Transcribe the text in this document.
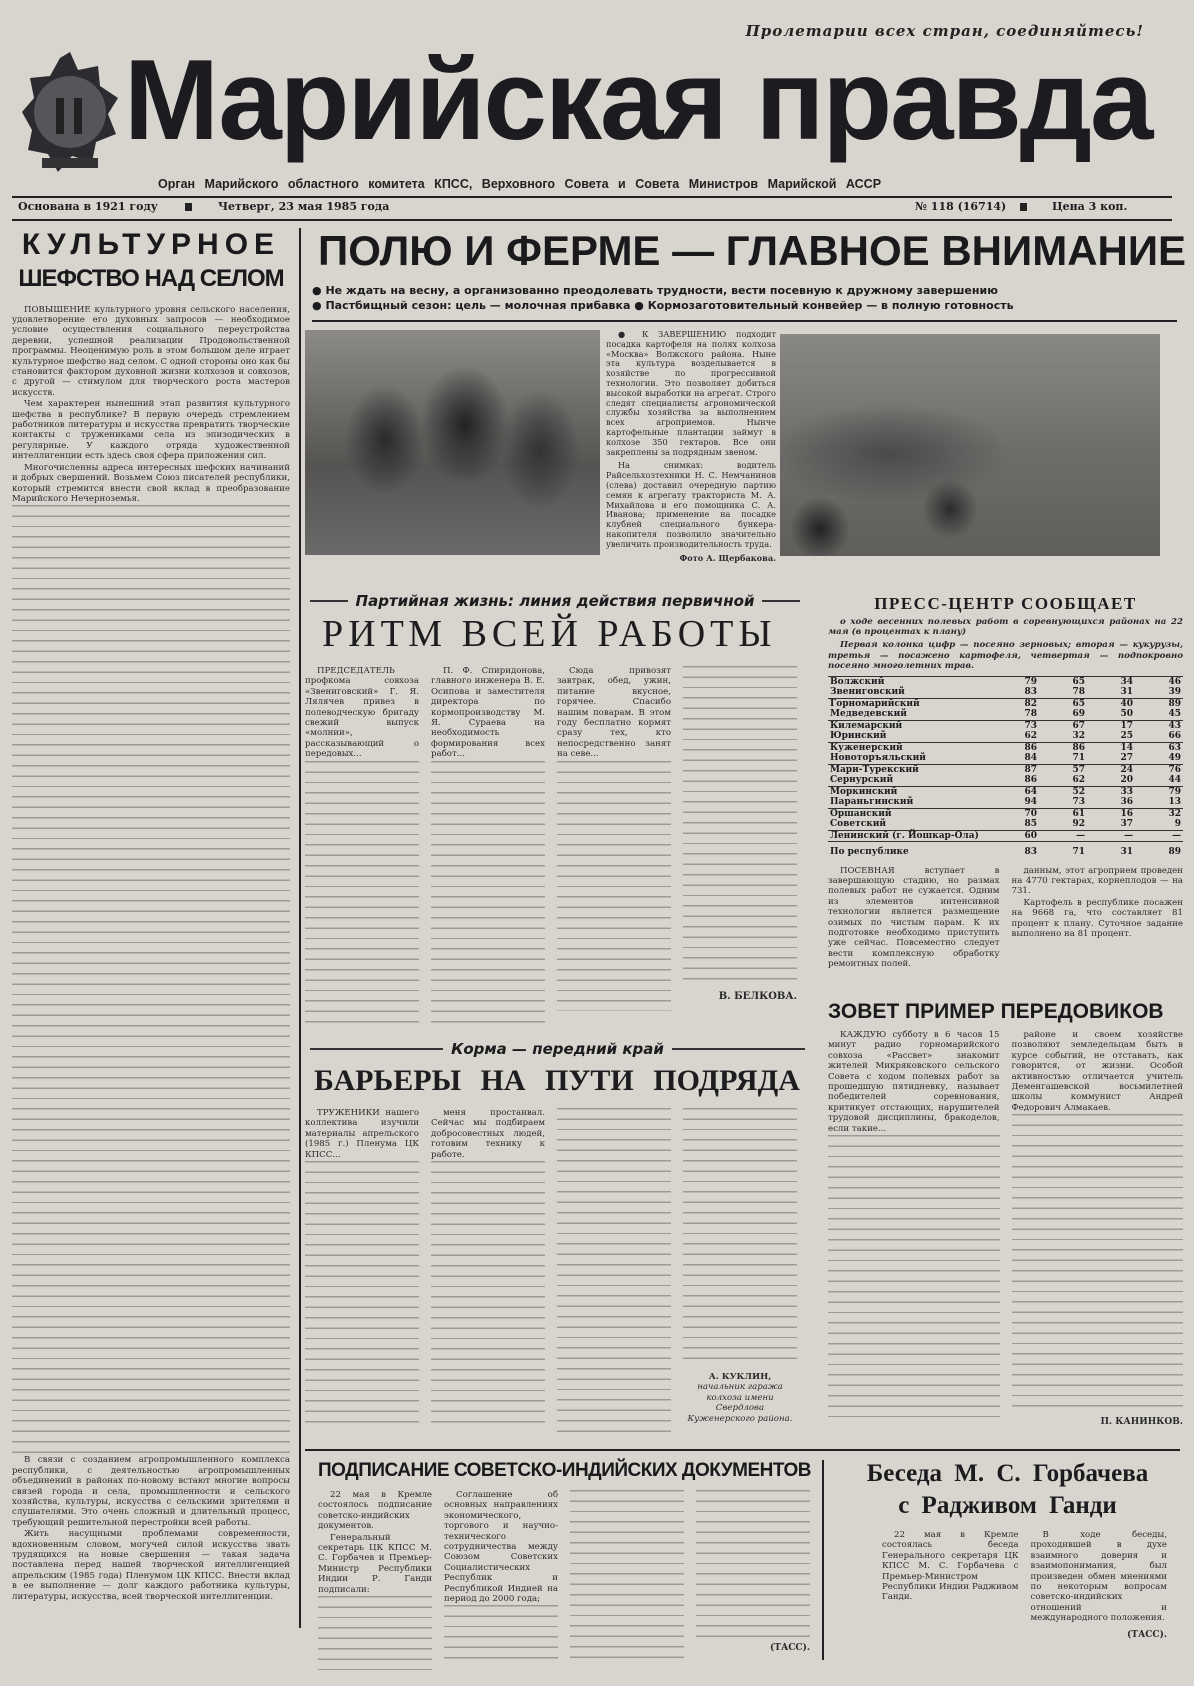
Пролетарии всех стран, соединяйтесь!
Марийская правда
Орган Марийского областного комитета КПСС, Верховного Совета и Совета Министров Марийской АССР
Основана в 1921 году	Четверг, 23 мая 1985 года	№ 118 (16714)	Цена 3 коп.
КУЛЬТУРНОЕ
ШЕФСТВО НАД СЕЛОМ

ПОВЫШЕНИЕ культурного уровня сельского населения, удовлетворение его духовных запросов — необходимое условие осуществления социального переустройства деревни, успешной реализации Продовольственной программы. Неоценимую роль в этом большом деле играет культурное шефство над селом. С одной стороны оно как бы становится фактором духовной жизни колхозов и совхозов, с другой — стимулом для творческого роста мастеров искусств.

Чем характерен нынешний этап развития культурного шефства в республике? В первую очередь стремлением работников литературы и искусства превратить творческие контакты с тружениками села из эпизодических в регулярные. У каждого отряда художественной интеллигенции есть здесь своя сфера приложения сил.

Многочисленны адреса интересных шефских начинаний и добрых свершений. Возьмем Союз писателей республики, который стремится внести свой вклад в преобразование Марийского Нечерноземья.

В связи с созданием агропромышленного комплекса республики, с деятельностью агропромышленных объединений в районах по-новому встают многие вопросы связей города и села, промышленности и сельского хозяйства, культуры, искусства с сельскими зрителями и слушателями. Это очень сложный и длительный процесс, требующий решительной перестройки всей работы.

Жить насущными проблемами современности, вдохновенным словом, могучей силой искусства звать трудящихся на новые свершения — такая задача поставлена перед нашей творческой интеллигенцией апрельским (1985 года) Пленумом ЦК КПСС. Внести вклад в ее выполнение — долг каждого работника культуры, литературы, искусства, всей творческой интеллигенции.

ПОЛЮ И ФЕРМЕ — ГЛАВНОЕ ВНИМАНИЕ
● Не ждать на весну, а организованно преодолевать трудности, вести посевную к дружному завершению
● Пастбищный сезон: цель — молочная прибавка ● Кормозаготовительный конвейер — в полную готовность

● К ЗАВЕРШЕНИЮ подходит посадка картофеля на полях колхоза «Москва» Волжского района. Ныне эта культура возделывается в хозяйстве по прогрессивной технологии. Это позволяет добиться высокой выработки на агрегат. Строго следят специалисты агрономической службы хозяйства за выполнением всех агроприемов. Нынче картофельные плантации займут в колхозе 350 гектаров. Все они закреплены за подрядным звеном.

На снимках: водитель Райсельхозтехники Н. С. Немчанинов (слева) доставил очередную партию семян к агрегату тракториста М. А. Михайлова и его помощника С. А. Иванова; применение на посадке клубней специального бункера-накопителя позволило значительно увеличить производительность труда.

Фото А. Щербакова.
Партийная жизнь: линия действия первичной
РИТМ ВСЕЙ РАБОТЫ

ПРЕДСЕДАТЕЛЬ профкома совхоза «Звениговский» Г. Я. Лялячев привез в полеводческую бригаду свежий выпуск «молнии», рассказывающий о передовых...

П. Ф. Спиридонова, главного инженера В. Е. Осипова и заместителя директора по кормопроизводству М. Я. Сураева на необходимость формирования всех работ...

Сюда привозят завтрак, обед, ужин, питание вкусное, горячее. Спасибо нашим поварам. В этом году бесплатно кормят сразу тех, кто непосредственно занят на севе...

В. БЕЛКОВА.
ПРЕСС-ЦЕНТР СООБЩАЕТ

о ходе весенних полевых работ в соревнующихся районах на 22 мая (в процентах к плану)

Первая колонка цифр — посеяно зерновых; вторая — кукурузы, третья — посажено картофеля, четвертая — подпокровно посеяно многолетних трав.

Волжский	79	65	34	46
Звениговский	83	78	31	39
Горномарийский	82	65	40	89
Медведевский	78	69	50	45
Килемарский	73	67	17	43
Юринский	62	32	25	66
Куженерский	86	86	14	63
Новоторъяльский	84	71	27	49
Мари-Турекский	87	57	24	76
Сернурский	86	62	20	44
Моркинский	64	52	33	79
Параньгинский	94	73	36	13
Оршанский	70	61	16	32
Советский	85	92	37	9
Ленинский (г. Йошкар-Ола)	60	—	—	—
По республике	83	71	31	89

ПОСЕВНАЯ вступает в завершающую стадию, но размах полевых работ не сужается. Одним из элементов интенсивной технологии является размещение озимых по чистым парам. К их подготовке необходимо приступить уже сейчас. Повсеместно следует вести комплексную обработку ремонтных полей.

данным, этот агроприем проведен на 4770 гектарах, корнеплодов — на 731.

Картофель в республике посажен на 9668 га, что составляет 81 процент к плану. Суточное задание выполнено на 81 процент.

ЗОВЕТ ПРИМЕР ПЕРЕДОВИКОВ

КАЖДУЮ субботу в 6 часов 15 минут радио горномарийского совхоза «Рассвет» знакомит жителей Микряковского сельского Совета с ходом полевых работ за прошедшую пятидневку, называет победителей соревнования, критикует отстающих, нарушителей трудовой дисциплины, бракоделов, если такие...

районе и своем хозяйстве позволяют земледельцам быть в курсе событий, не отставать, как говорится, от жизни. Особой активностью отличается учитель Деменгашевской восьмилетней школы коммунист Андрей Федорович Алмакаев.

П. КАНИНКОВ.
Корма — передний край
БАРЬЕРЫ НА ПУТИ ПОДРЯДА

ТРУЖЕНИКИ нашего коллектива изучили материалы апрельского (1985 г.) Пленума ЦК КПСС...

меня простаивал. Сейчас мы подбираем добросовестных людей, готовим технику к работе.

А. КУКЛИН,
начальник гаража колхоза имени Свердлова Куженерского района.
ПОДПИСАНИЕ СОВЕТСКО-ИНДИЙСКИХ ДОКУМЕНТОВ

22 мая в Кремле состоялось подписание советско-индийских документов.

Генеральный секретарь ЦК КПСС М. С. Горбачев и Премьер-Министр Республики Индии Р. Ганди подписали:

Соглашение об основных направлениях экономического, торгового и научно-технического сотрудничества между Союзом Советских Социалистических Республик и Республикой Индией на период до 2000 года;

(ТАСС).
Беседа М. С. Горбачева
с Радживом Ганди

22 мая в Кремле состоялась беседа Генерального секретаря ЦК КПСС М. С. Горбачева с Премьер-Министром Республики Индии Радживом Ганди.

В ходе беседы, проходившей в духе взаимного доверия и взаимопонимания, был произведен обмен мнениями по некоторым вопросам советско-индийских отношений и международного положения.

(ТАСС).
